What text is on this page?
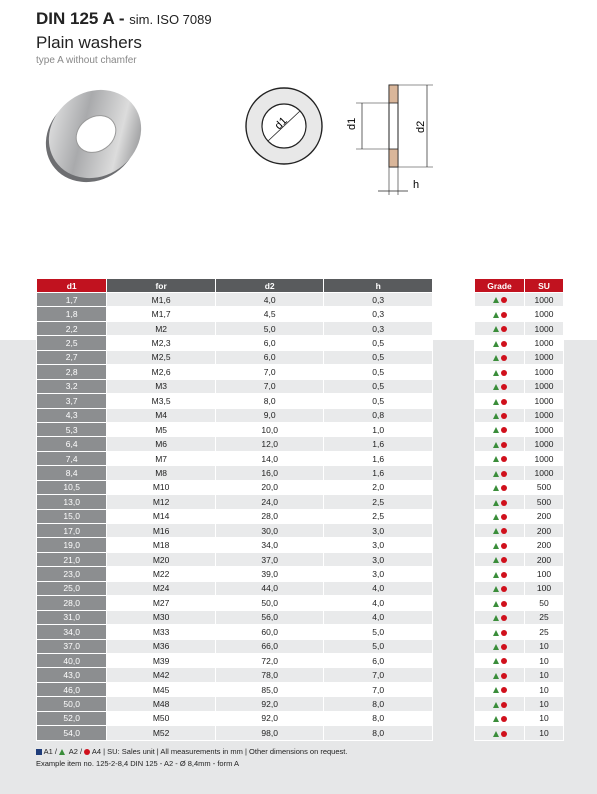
DIN 125 A - sim. ISO 7089
Plain washers
type A without chamfer
d1	d1	d2
h
d1	for	d2	h
1,7	M1,6	4,0	0,3
1,8	M1,7	4,5	0,3
2,2	M2	5,0	0,3
2,5	M2,3	6,0	0,5
2,7	M2,5	6,0	0,5
2,8	M2,6	7,0	0,5
3,2	M3	7,0	0,5
3,7	M3,5	8,0	0,5
4,3	M4	9,0	0,8
5,3	M5	10,0	1,0
6,4	M6	12,0	1,6
7,4	M7	14,0	1,6
8,4	M8	16,0	1,6
10,5	M10	20,0	2,0
13,0	M12	24,0	2,5
15,0	M14	28,0	2,5
17,0	M16	30,0	3,0
19,0	M18	34,0	3,0
21,0	M20	37,0	3,0
23,0	M22	39,0	3,0
25,0	M24	44,0	4,0
28,0	M27	50,0	4,0
31,0	M30	56,0	4,0
34,0	M33	60,0	5,0
37,0	M36	66,0	5,0
40,0	M39	72,0	6,0
43,0	M42	78,0	7,0
46,0	M45	85,0	7,0
50,0	M48	92,0	8,0
52,0	M50	92,0	8,0
54,0	M52	98,0	8,0
Grade	SU
	1000
	1000
	1000
	1000
	1000
	1000
	1000
	1000
	1000
	1000
	1000
	1000
	1000
	500
	500
	200
	200
	200
	200
	100
	100
	50
	25
	25
	10
	10
	10
	10
	10
	10
	10
A1 / A2 / A4 | SU: Sales unit | All measurements in mm | Other dimensions on request.
Example item no. 125-2-8,4 DIN 125 - A2 - Ø 8,4mm - form A
